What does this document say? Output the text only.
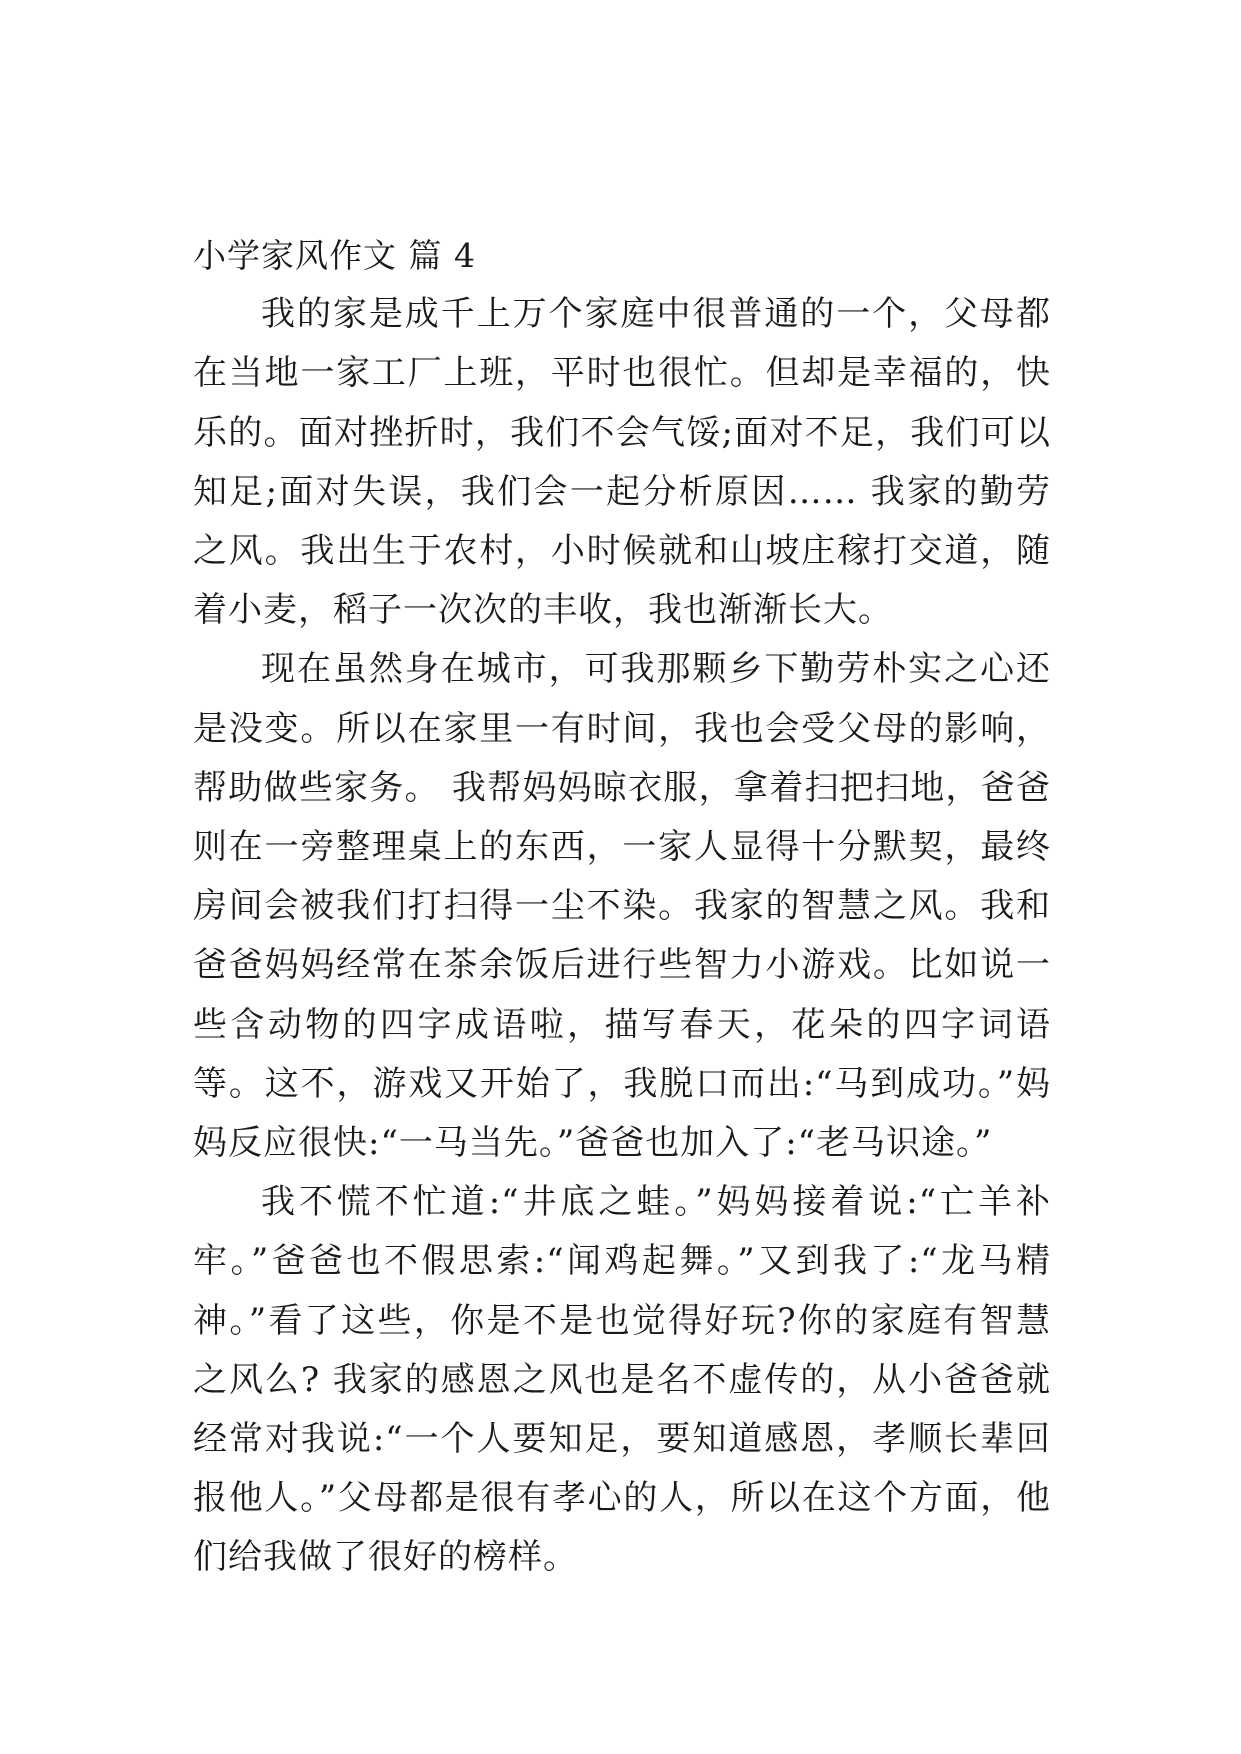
小学家风作文 篇 4

我的家是成千上万个家庭中很普通的一个，父母都在当地一家工厂上班，平时也很忙。但却是幸福的，快乐的。面对挫折时，我们不会气馁;面对不足，我们可以知足;面对失误，我们会一起分析原因…… 我家的勤劳之风。我出生于农村，小时候就和山坡庄稼打交道，随着小麦，稻子一次次的丰收，我也渐渐长大。

现在虽然身在城市，可我那颗乡下勤劳朴实之心还是没变。所以在家里一有时间，我也会受父母的影响，帮助做些家务。 我帮妈妈晾衣服，拿着扫把扫地，爸爸则在一旁整理桌上的东西，一家人显得十分默契，最终房间会被我们打扫得一尘不染。我家的智慧之风。我和爸爸妈妈经常在茶余饭后进行些智力小游戏。比如说一些含动物的四字成语啦，描写春天，花朵的四字词语等。这不，游戏又开始了，我脱口而出:“马到成功。”妈妈反应很快:“一马当先。”爸爸也加入了:“老马识途。”

我不慌不忙道:“井底之蛙。”妈妈接着说:“亡羊补牢。”爸爸也不假思索:“闻鸡起舞。”又到我了:“龙马精神。”看了这些，你是不是也觉得好玩?你的家庭有智慧之风么? 我家的感恩之风也是名不虚传的，从小爸爸就经常对我说:“一个人要知足，要知道感恩，孝顺长辈回报他人。”父母都是很有孝心的人，所以在这个方面，他们给我做了很好的榜样。
